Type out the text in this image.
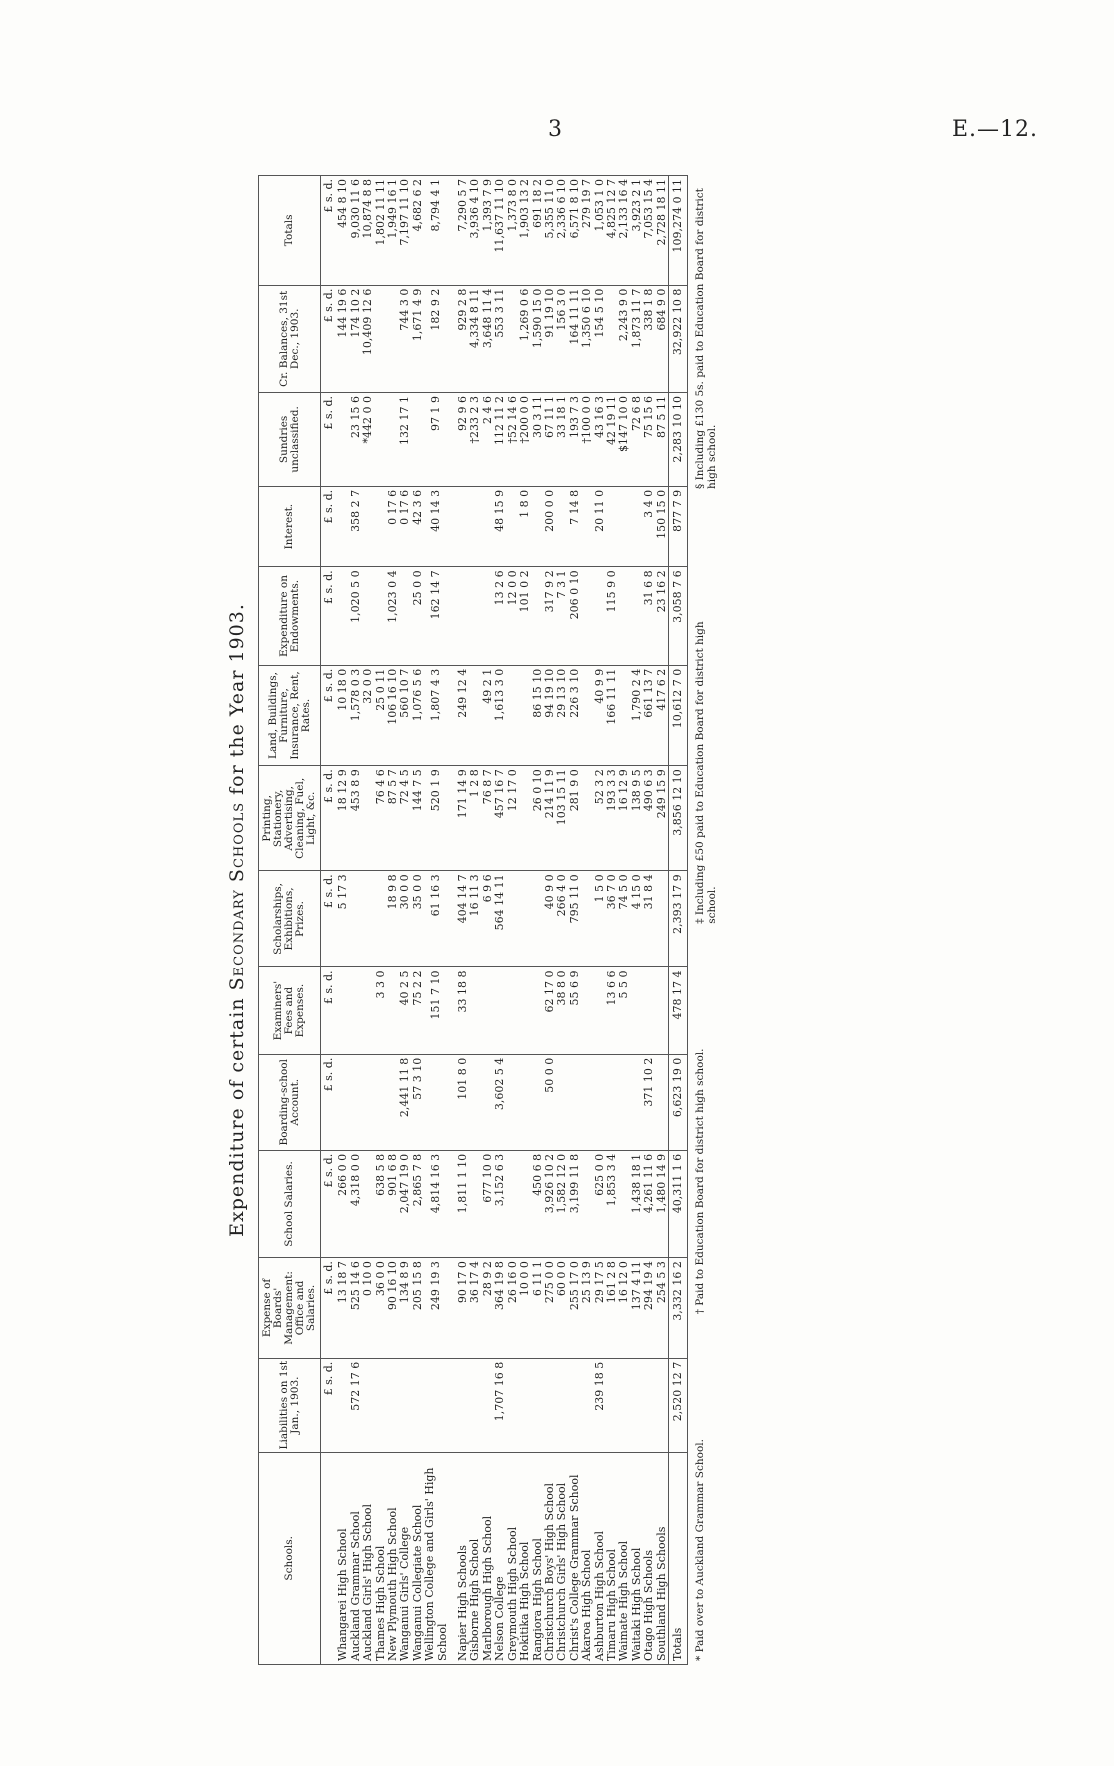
3	E.—12.
Expenditure of certain Secondary Schools for the Year 1903.
Schools.	Liabilities on 1st Jan., 1903.	Expense of Boards' Management: Office and Salaries.	School Salaries.	Boarding-school Account.	Examiners' Fees and Expenses.	Scholarships, Exhibitions, Prizes.	Printing, Stationery, Advertising, Cleaning, Fuel, Light, &c.	Land, Buildings, Furniture, Insurance, Rent, Rates.	Expenditure on Endowments.	Interest.	Sundries unclassified.	Cr. Balances, 31st Dec., 1903.	Totals
	£ s. d.	£ s. d.	£ s. d.	£ s. d.	£ s. d.	£ s. d.	£ s. d.	£ s. d.	£ s. d.	£ s. d.	£ s. d.	£ s. d.	£ s. d.
Whangarei High School		13 18 7	266 0 0			5 17 3	18 12 9	10 18 0				144 19 6	454 8 10
Auckland Grammar School	572 17 6	525 14 6	4,318 0 0				453 8 9	1,578 0 3	1,020 5 0	358 2 7	23 15 6	174 10 2	9,030 11 6
Auckland Girls' High School		0 10 0						32 0 0			*442 0 0	10,409 12 6	10,874 8 8
Thames High School		36 0 0	638 5 8		3 3 0		76 4 6	25 0 11					1,802 11 11
New Plymouth High School		90 16 10	901 6 8			18 9 8	87 5 7	106 16 10	1,023 0 4	0 17 6			1,949 16 1
Wanganui Girls' College		134 8 9	2,047 19 0	2,441 11 8	40 2 5	30 0 0	72 4 5	560 10 7		0 17 6	132 17 1	744 3 0	7,197 11 10
Wanganui Collegiate School		205 15 8	2,865 7 8	57 3 10	75 2 2	35 0 0	144 7 5	1,076 5 6	25 0 0	42 3 6		1,671 4 9	4,682 6 2
Wellington College and Girls' High School		249 19 3	4,814 16 3		151 7 10	61 16 3	520 1 9	1,807 4 3	162 14 7	40 14 3	97 1 9	182 9 2	8,794 4 1

Napier High Schools		90 17 0	1,811 1 10	101 8 0	33 18 8	404 14 7	171 14 9	249 12 4			92 9 6	929 2 8	7,290 5 7
Gisborne High School		36 17 4				16 11 3	1 2 8				†233 2 3	4,334 8 11	3,936 4 10
Marlborough High School		28 9 2	677 10 0			6 9 6	76 8 7	49 2 1			2 4 6	3,648 11 4	1,393 7 9
Nelson College	1,707 16 8	364 19 8	3,152 6 3	3,602 5 4		564 14 11	457 16 7	1,613 3 0	13 2 6	48 15 9	112 11 2	553 3 11	11,637 11 10
Greymouth High School		26 16 0					12 17 0		12 0 0		†52 14 6		1,373 8 0
Hokitika High School		10 0 0							101 0 2	1 8 0	†200 0 0	1,269 0 6	1,903 13 2
Rangiora High School		6 11 1	450 6 8				26 0 10	86 15 10			30 3 11	1,590 15 0	691 18 2
Christchurch Boys' High School		275 0 0	3,926 10 2	50 0 0	62 17 0	40 9 0	214 11 9	94 19 10	317 9 2	200 0 0	67 11 1	91 19 10	5,355 11 0
Christchurch Girls' High School		60 0 0	1,582 12 0		38 8 0	266 4 0	103 15 11	29 13 10	7 3 1		33 18 1	156 3 0	2,336 6 10
Christ's College Grammar School		255 17 0	3,199 11 8		55 6 9	795 11 0	281 9 0	226 3 10	206 0 10	7 14 8	193 7 3	164 11 11	6,571 8 10
Akaroa High School		25 13 9									†100 0 0	1,350 6 10	279 19 7
Ashburton High School	239 18 5	29 17 5	625 0 0			1 5 0	52 3 2	40 9 9		20 11 0	43 16 3	154 5 10	1,053 1 0
Timaru High School		161 2 8	1,853 3 4		13 6 6	36 7 0	193 3 3	166 11 11	115 9 0		42 19 11		4,825 12 7
Waimate High School		16 12 0			5 5 0	74 5 0	16 12 9				$147 10 0	2,243 9 0	2,133 16 4
Waitaki High School		137 4 11	1,438 18 1			4 15 0	138 9 5	1,790 2 4			72 6 8	1,873 11 7	3,923 2 1
Otago High Schools		294 19 4	4,261 11 6	371 10 2		31 8 4	490 6 3	661 13 7	31 6 8	3 4 0	75 15 6	338 1 8	7,053 15 4
Southland High Schools		254 5 3	1,480 14 9				249 15 9	417 6 2	23 16 2	150 15 0	87 5 11	684 9 0	2,728 18 11
Totals	2,520 12 7	3,332 16 2	40,311 1 6	6,623 19 0	478 17 4	2,393 17 9	3,856 12 10	10,612 7 0	3,058 7 6	877 7 9	2,283 10 10	32,922 10 8	109,274 0 11
* Paid over to Auckland Grammar School.
† Paid to Education Board for district high school.
‡ Including £50 paid to Education Board for district high school.
§ Including £130 5s. paid to Education Board for district high school.
